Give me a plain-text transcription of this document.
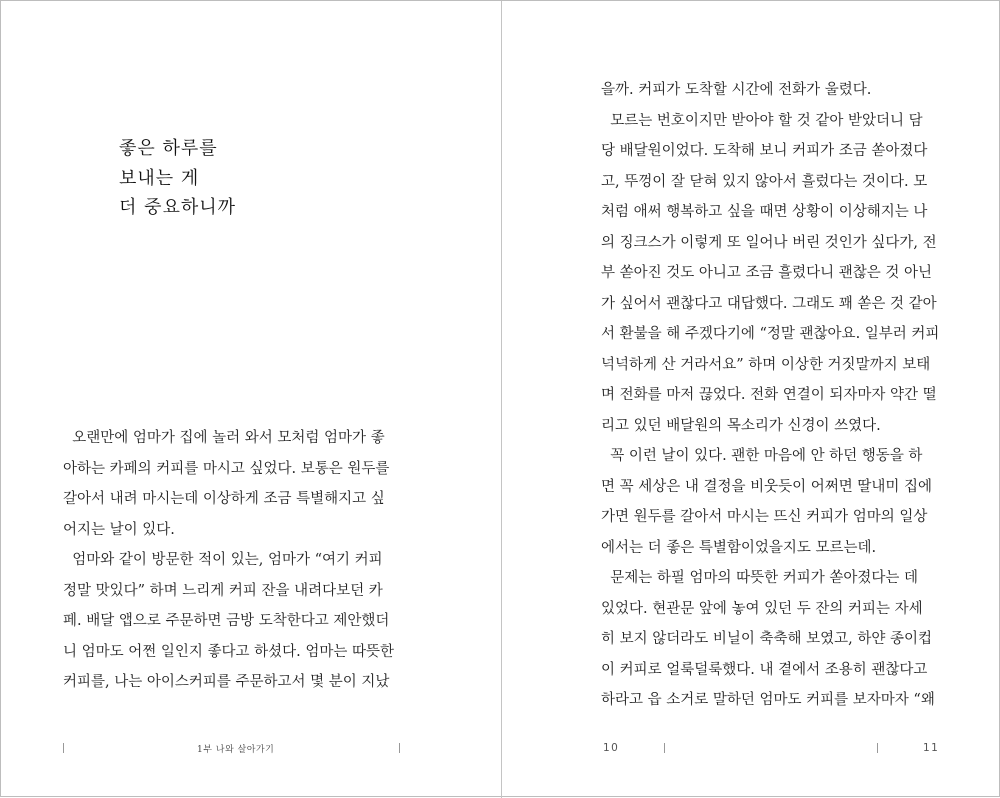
좋은 하루를
보내는 게
더 중요하니까
오랜만에 엄마가 집에 놀러 와서 모처럼 엄마가 좋
아하는 카페의 커피를 마시고 싶었다. 보통은 원두를
갈아서 내려 마시는데 이상하게 조금 특별해지고 싶
어지는 날이 있다.
엄마와 같이 방문한 적이 있는, 엄마가 “여기 커피
정말 맛있다” 하며 느리게 커피 잔을 내려다보던 카
페. 배달 앱으로 주문하면 금방 도착한다고 제안했더
니 엄마도 어쩐 일인지 좋다고 하셨다. 엄마는 따뜻한
커피를, 나는 아이스커피를 주문하고서 몇 분이 지났
1부 나와 살아가기
을까. 커피가 도착할 시간에 전화가 울렸다.
모르는 번호이지만 받아야 할 것 같아 받았더니 담
당 배달원이었다. 도착해 보니 커피가 조금 쏟아졌다
고, 뚜껑이 잘 닫혀 있지 않아서 흘렀다는 것이다. 모
처럼 애써 행복하고 싶을 때면 상황이 이상해지는 나
의 징크스가 이렇게 또 일어나 버린 것인가 싶다가, 전
부 쏟아진 것도 아니고 조금 흘렸다니 괜찮은 것 아닌
가 싶어서 괜찮다고 대답했다. 그래도 꽤 쏟은 것 같아
서 환불을 해 주겠다기에 “정말 괜찮아요. 일부러 커피
넉넉하게 산 거라서요” 하며 이상한 거짓말까지 보태
며 전화를 마저 끊었다. 전화 연결이 되자마자 약간 떨
리고 있던 배달원의 목소리가 신경이 쓰였다.
꼭 이런 날이 있다. 괜한 마음에 안 하던 행동을 하
면 꼭 세상은 내 결정을 비웃듯이 어쩌면 딸내미 집에
가면 원두를 갈아서 마시는 뜨신 커피가 엄마의 일상
에서는 더 좋은 특별함이었을지도 모르는데.
문제는 하필 엄마의 따뜻한 커피가 쏟아졌다는 데
있었다. 현관문 앞에 놓여 있던 두 잔의 커피는 자세
히 보지 않더라도 비닐이 축축해 보였고, 하얀 종이컵
이 커피로 얼룩덜룩했다. 내 곁에서 조용히 괜찮다고
하라고 읍 소거로 말하던 엄마도 커피를 보자마자 “왜
10	11
